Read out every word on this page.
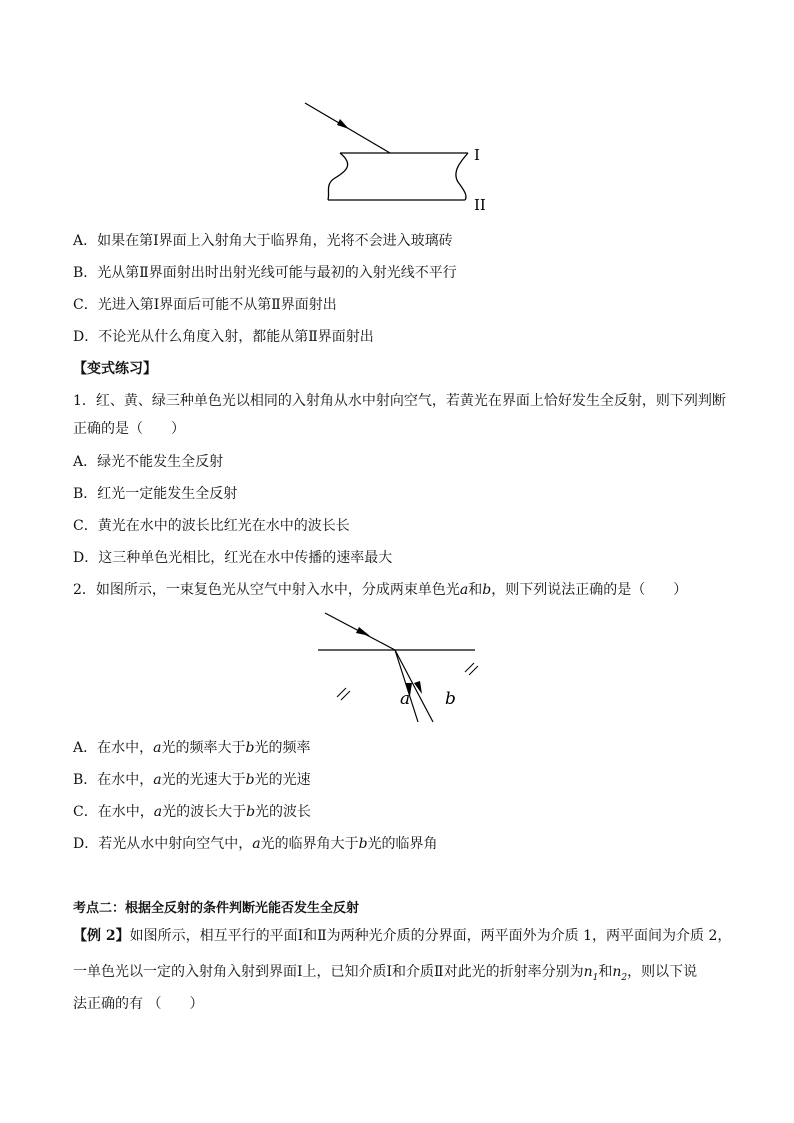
I
II
A．如果在第Ⅰ界面上入射角大于临界角，光将不会进入玻璃砖
B．光从第Ⅱ界面射出时出射光线可能与最初的入射光线不平行
C．光进入第Ⅰ界面后可能不从第Ⅱ界面射出
D．不论光从什么角度入射，都能从第Ⅱ界面射出
【变式练习】
1．红、黄、绿三种单色光以相同的入射角从水中射向空气，若黄光在界面上恰好发生全反射，则下列判断
正确的是（　　）
A．绿光不能发生全反射
B．红光一定能发生全反射
C．黄光在水中的波长比红光在水中的波长长
D．这三种单色光相比，红光在水中传播的速率最大
2．如图所示，一束复色光从空气中射入水中，分成两束单色光a和b，则下列说法正确的是（　　）
a b
A．在水中，a光的频率大于b光的频率
B．在水中，a光的光速大于b光的光速
C．在水中，a光的波长大于b光的波长
D．若光从水中射向空气中，a光的临界角大于b光的临界角
考点二：根据全反射的条件判断光能否发生全反射
【例 2】如图所示，相互平行的平面Ⅰ和Ⅱ为两种光介质的分界面，两平面外为介质 1，两平面间为介质 2，
一单色光以一定的入射角入射到界面Ⅰ上，已知介质Ⅰ和介质Ⅱ对此光的折射率分别为$n_1$和$n_2$，则以下说
法正确的有 （　　）
